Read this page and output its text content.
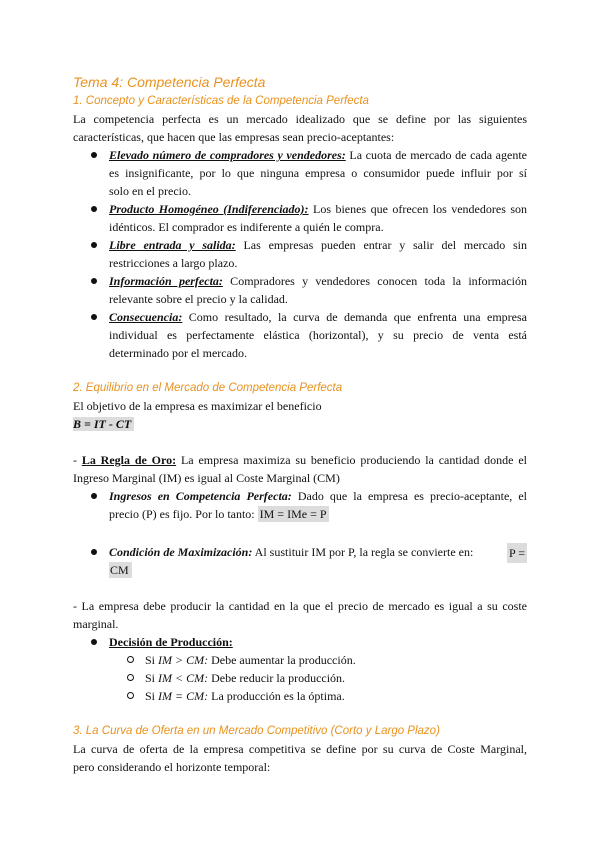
Tema 4: Competencia Perfecta
1. Concepto y Características de la Competencia Perfecta
La competencia perfecta es un mercado idealizado que se define por las siguientes
características, que hacen que las empresas sean precio-aceptantes:
Elevado número de compradores y vendedores: La cuota de mercado de cada agente
es insignificante, por lo que ninguna empresa o consumidor puede influir por sí
solo en el precio.
Producto Homogéneo (Indiferenciado): Los bienes que ofrecen los vendedores son
idénticos. El comprador es indiferente a quién le compra.
Libre entrada y salida: Las empresas pueden entrar y salir del mercado sin
restricciones a largo plazo.
Información perfecta: Compradores y vendedores conocen toda la información
relevante sobre el precio y la calidad.
Consecuencia: Como resultado, la curva de demanda que enfrenta una empresa
individual es perfectamente elástica (horizontal), y su precio de venta está
determinado por el mercado.
2. Equilibrio en el Mercado de Competencia Perfecta
El objetivo de la empresa es maximizar el beneficio
B = IT - CT
- La Regla de Oro: La empresa maximiza su beneficio produciendo la cantidad donde el
Ingreso Marginal (IM) es igual al Coste Marginal (CM)
Ingresos en Competencia Perfecta: Dado que la empresa es precio-aceptante, el
precio (P) es fijo. Por lo tanto: IM = IMe = P
Condición de Maximización: Al sustituir IM por P, la regla se convierte en:	P =
CM
- La empresa debe producir la cantidad en la que el precio de mercado es igual a su coste
marginal.
Decisión de Producción:
Si IM > CM: Debe aumentar la producción.
Si IM < CM: Debe reducir la producción.
Si IM = CM: La producción es la óptima.
3. La Curva de Oferta en un Mercado Competitivo (Corto y Largo Plazo)
La curva de oferta de la empresa competitiva se define por su curva de Coste Marginal,
pero considerando el horizonte temporal:
